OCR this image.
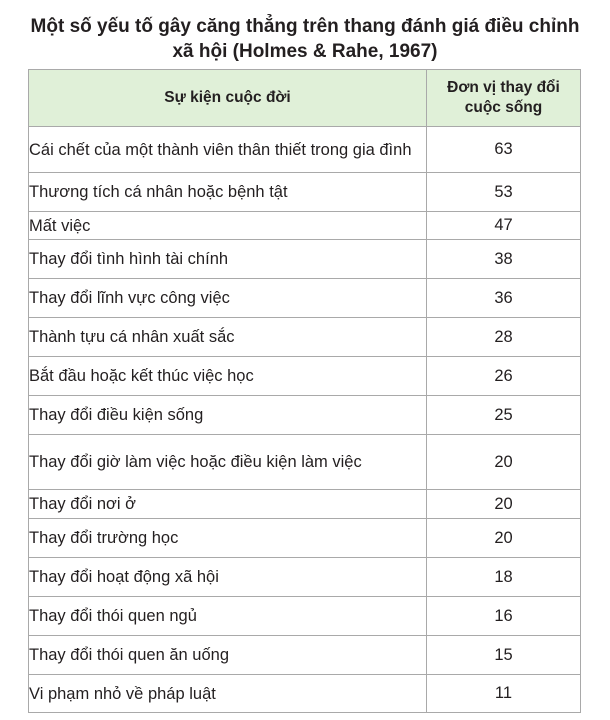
Một số yếu tố gây căng thẳng trên thang đánh giá điều chỉnh xã hội (Holmes & Rahe, 1967)
Sự kiện cuộc đời	Đơn vị thay đổi cuộc sống
Cái chết của một thành viên thân thiết trong gia đình	63
Thương tích cá nhân hoặc bệnh tật	53
Mất việc	47
Thay đổi tình hình tài chính	38
Thay đổi lĩnh vực công việc	36
Thành tựu cá nhân xuất sắc	28
Bắt đầu hoặc kết thúc việc học	26
Thay đổi điều kiện sống	25
Thay đổi giờ làm việc hoặc điều kiện làm việc	20
Thay đổi nơi ở	20
Thay đổi trường học	20
Thay đổi hoạt động xã hội	18
Thay đổi thói quen ngủ	16
Thay đổi thói quen ăn uống	15
Vi phạm nhỏ về pháp luật	11
